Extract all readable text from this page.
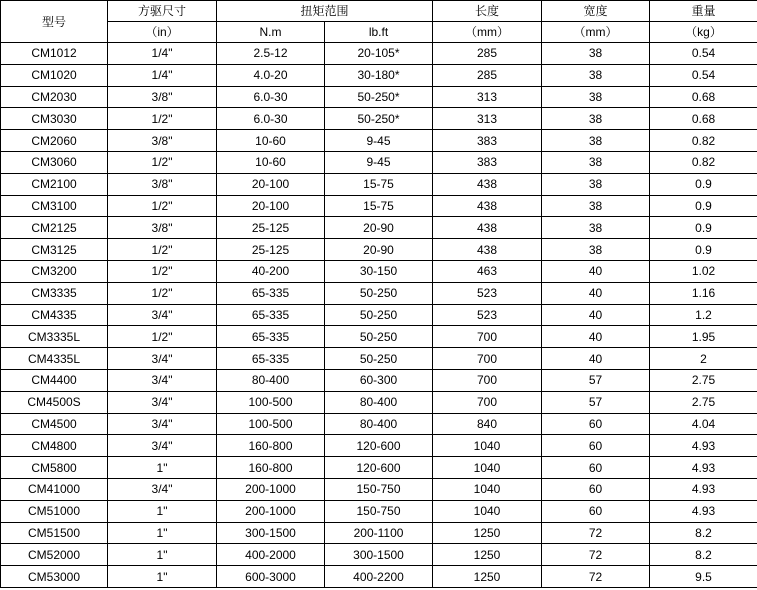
型号	方驱尺寸	扭矩范围		长度	宽度	重量
	（in）	N.m	lb.ft	（mm）	（mm）	（kg）
CM1012	1/4"	2.5-12	20-105*	285	38	0.54
CM1020	1/4"	4.0-20	30-180*	285	38	0.54
CM2030	3/8"	6.0-30	50-250*	313	38	0.68
CM3030	1/2"	6.0-30	50-250*	313	38	0.68
CM2060	3/8"	10-60	9-45	383	38	0.82
CM3060	1/2"	10-60	9-45	383	38	0.82
CM2100	3/8"	20-100	15-75	438	38	0.9
CM3100	1/2"	20-100	15-75	438	38	0.9
CM2125	3/8"	25-125	20-90	438	38	0.9
CM3125	1/2"	25-125	20-90	438	38	0.9
CM3200	1/2"	40-200	30-150	463	40	1.02
CM3335	1/2"	65-335	50-250	523	40	1.16
CM4335	3/4"	65-335	50-250	523	40	1.2
CM3335L	1/2"	65-335	50-250	700	40	1.95
CM4335L	3/4"	65-335	50-250	700	40	2
CM4400	3/4"	80-400	60-300	700	57	2.75
CM4500S	3/4"	100-500	80-400	700	57	2.75
CM4500	3/4"	100-500	80-400	840	60	4.04
CM4800	3/4"	160-800	120-600	1040	60	4.93
CM5800	1"	160-800	120-600	1040	60	4.93
CM41000	3/4"	200-1000	150-750	1040	60	4.93
CM51000	1"	200-1000	150-750	1040	60	4.93
CM51500	1"	300-1500	200-1100	1250	72	8.2
CM52000	1"	400-2000	300-1500	1250	72	8.2
CM53000	1"	600-3000	400-2200	1250	72	9.5
